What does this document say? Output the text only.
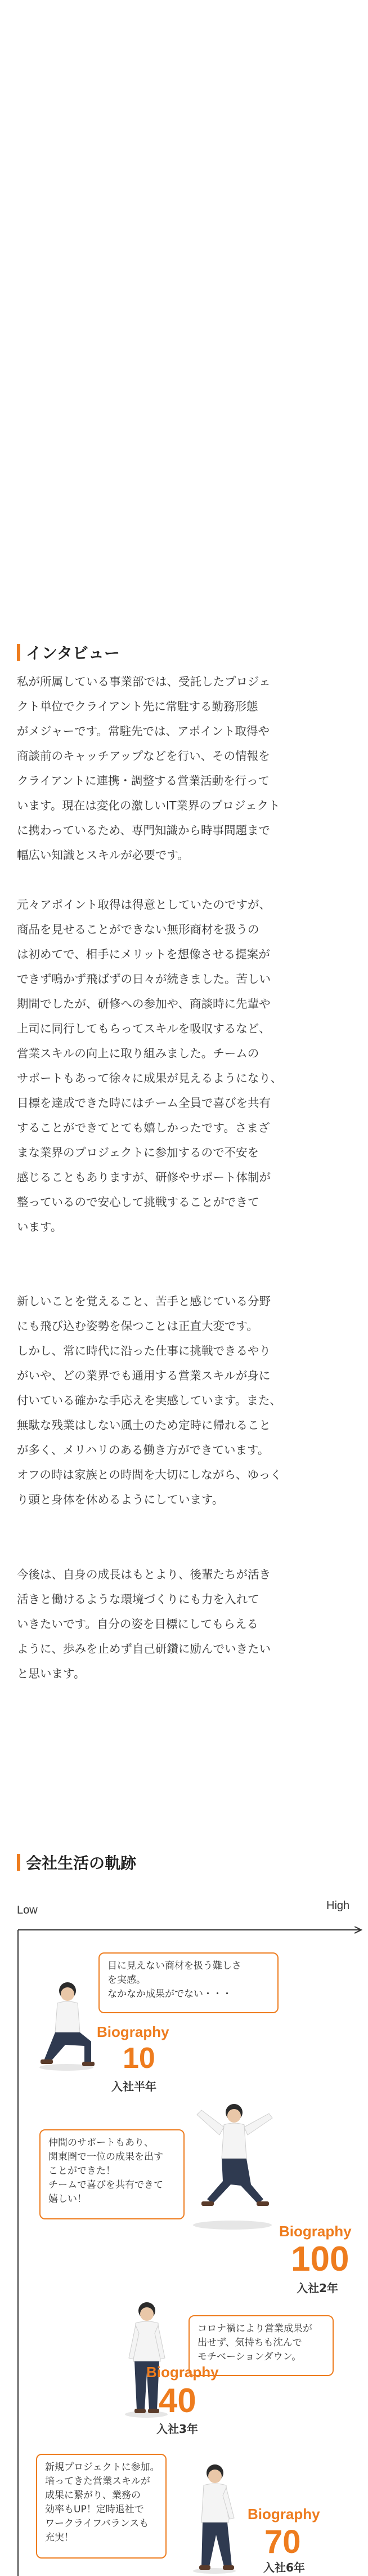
インタビュー

私が所属している事業部では、受託したプロジェ
クト単位でクライアント先に常駐する勤務形態
がメジャーです。常駐先では、アポイント取得や
商談前のキャッチアップなどを行い、その情報を
クライアントに連携・調整する営業活動を行って
います。現在は変化の激しいIT業界のプロジェクト
に携わっているため、専門知識から時事問題まで
幅広い知識とスキルが必要です。

元々アポイント取得は得意としていたのですが、
商品を見せることができない無形商材を扱うの
は初めてで、相手にメリットを想像させる提案が
できず鳴かず飛ばずの日々が続きました。苦しい
期間でしたが、研修への参加や、商談時に先輩や
上司に同行してもらってスキルを吸収するなど、
営業スキルの向上に取り組みました。チームの
サポートもあって徐々に成果が見えるようになり、
目標を達成できた時にはチーム全員で喜びを共有
することができてとても嬉しかったです。さまざ
まな業界のプロジェクトに参加するので不安を
感じることもありますが、研修やサポート体制が
整っているので安心して挑戦することができて
います。

新しいことを覚えること、苦手と感じている分野
にも飛び込む姿勢を保つことは正直大変です。
しかし、常に時代に沿った仕事に挑戦できるやり
がいや、どの業界でも通用する営業スキルが身に
付いている確かな手応えを実感しています。また、
無駄な残業はしない風土のため定時に帰れること
が多く、メリハリのある働き方ができています。
オフの時は家族との時間を大切にしながら、ゆっく
り頭と身体を休めるようにしています。

今後は、自身の成長はもとより、後輩たちが活き
活きと働けるような環境づくりにも力を入れて
いきたいです。自分の姿を目標にしてもらえる
ように、歩みを止めず自己研鑽に励んでいきたい
と思います。

会社生活の軌跡
Low	High
目に見えない商材を扱う難しさ
を実感。
なかなか成果がでない・・・
Biography
10
入社半年
仲間のサポートもあり、
関東圏で一位の成果を出す
ことができた！
チームで喜びを共有できて
嬉しい！
Biography
100
入社2年
コロナ禍により営業成果が
出せず、気持ちも沈んで
モチベーションダウン。
Biography
40
入社3年
新規プロジェクトに参加。
培ってきた営業スキルが
成果に繋がり、業務の
効率もUP！定時退社で
ワークライフバランスも
充実！
Biography
70
入社6年
